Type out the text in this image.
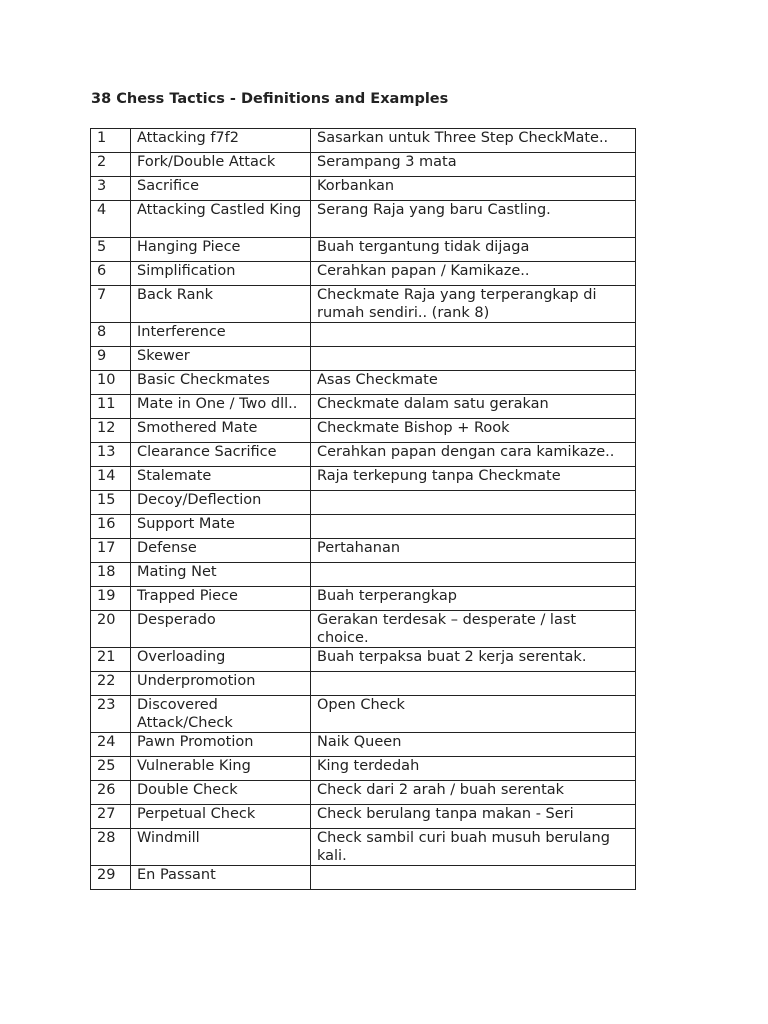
38 Chess Tactics - Definitions and Examples
1	Attacking f7f2	Sasarkan untuk Three Step CheckMate..
2	Fork/Double Attack	Serampang 3 mata
3	Sacrifice	Korbankan
4	Attacking Castled King	Serang Raja yang baru Castling.
5	Hanging Piece	Buah tergantung tidak dijaga
6	Simplification	Cerahkan papan / Kamikaze..
7	Back Rank	Checkmate Raja yang terperangkap di rumah sendiri.. (rank 8)
8	Interference	
9	Skewer	
10	Basic Checkmates	Asas Checkmate
11	Mate in One / Two dll..	Checkmate dalam satu gerakan
12	Smothered Mate	Checkmate Bishop + Rook
13	Clearance Sacrifice	Cerahkan papan dengan cara kamikaze..
14	Stalemate	Raja terkepung tanpa Checkmate
15	Decoy/Deflection	
16	Support Mate	
17	Defense	Pertahanan
18	Mating Net	
19	Trapped Piece	Buah terperangkap
20	Desperado	Gerakan terdesak – desperate / last choice.
21	Overloading	Buah terpaksa buat 2 kerja serentak.
22	Underpromotion	
23	Discovered Attack/Check	Open Check
24	Pawn Promotion	Naik Queen
25	Vulnerable King	King terdedah
26	Double Check	Check dari 2 arah / buah serentak
27	Perpetual Check	Check berulang tanpa makan - Seri
28	Windmill	Check sambil curi buah musuh berulang kali.
29	En Passant	
